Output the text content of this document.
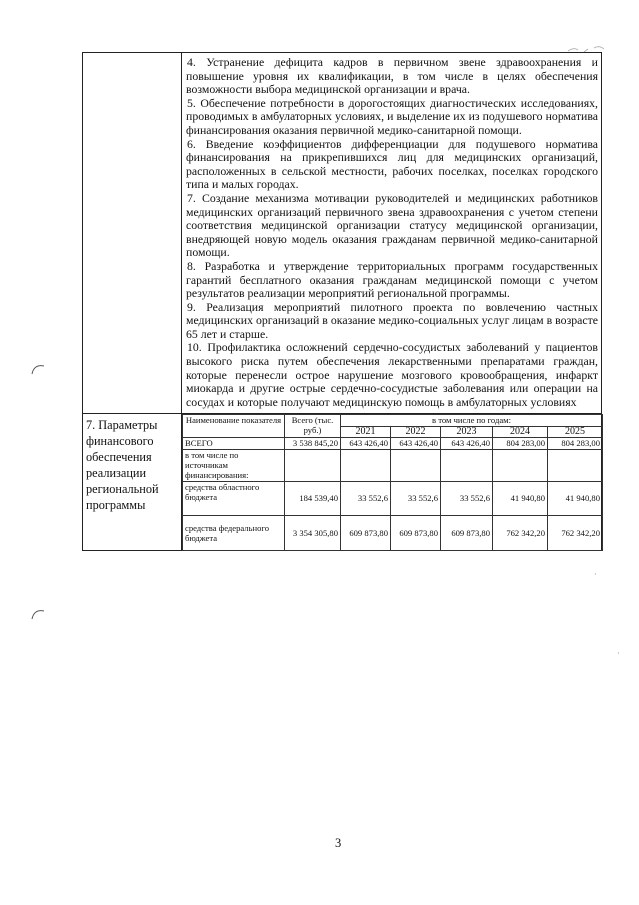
4. Устранение дефицита кадров в первичном звене здравоохранения и повышение уровня их квалификации, в том числе в целях обеспечения возможности выбора медицинской организации и врача.

5. Обеспечение потребности в дорогостоящих диагностических исследованиях, проводимых в амбулаторных условиях, и выделение их из подушевого норматива финансирования оказания первичной медико-санитарной помощи.

6. Введение коэффициентов дифференциации для подушевого норматива финансирования на прикрепившихся лиц для медицинских организаций, расположенных в сельской местности, рабочих поселках, поселках городского типа и малых городах.

7. Создание механизма мотивации руководителей и медицинских работников медицинских организаций первичного звена здравоохранения с учетом степени соответствия медицинской организации статусу медицинской организации, внедряющей новую модель оказания гражданам первичной медико-санитарной помощи.

8. Разработка и утверждение территориальных программ государственных гарантий бесплатного оказания гражданам медицинской помощи с учетом результатов реализации мероприятий региональной программы.

9. Реализация мероприятий пилотного проекта по вовлечению частных медицинских организаций в оказание медико-социальных услуг лицам в возрасте 65 лет и старше.

10. Профилактика осложнений сердечно-сосудистых заболеваний у пациентов высокого риска путем обеспечения лекарственными препаратами граждан, которые перенесли острое нарушение мозгового кровообращения, инфаркт миокарда и другие острые сердечно-сосудистые заболевания или операции на сосудах и которые получают медицинскую помощь в амбулаторных условиях

7. Параметры финансового обеспечения реализации региональной программы
Наименование показателя	Всего (тыс. руб.)	в том числе по годам:				
		2021	2022	2023	2024	2025
ВСЕГО	3 538 845,20	643 426,40	643 426,40	643 426,40	804 283,00	804 283,00
в том числе по источникам финансирования:						
средства областного бюджета	184 539,40	33 552,6	33 552,6	33 552,6	41 940,80	41 940,80
средства федерального бюджета	3 354 305,80	609 873,80	609 873,80	609 873,80	762 342,20	762 342,20
·
·
3
